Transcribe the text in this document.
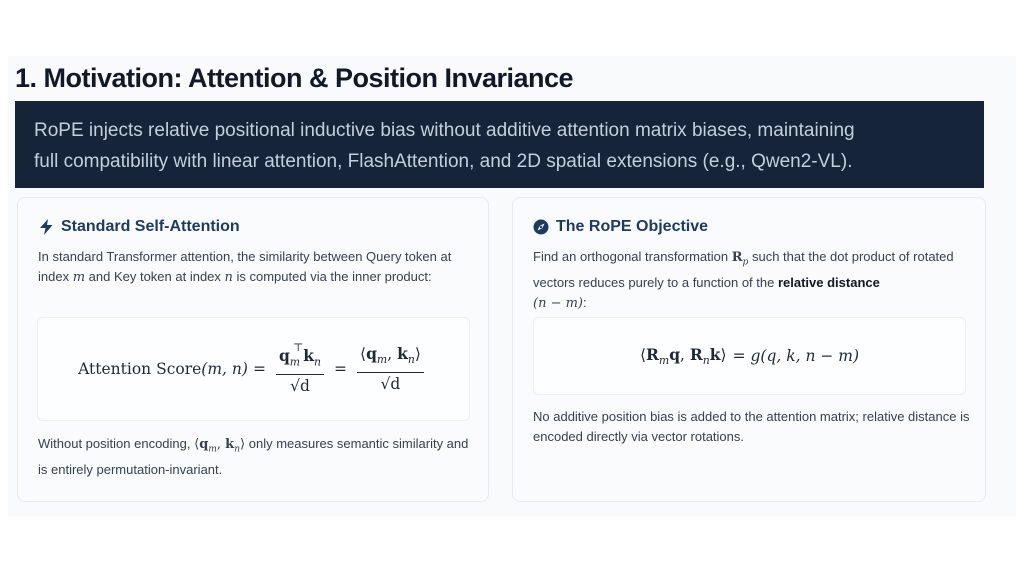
1. Motivation: Attention & Position Invariance
RoPE injects relative positional inductive bias without additive attention matrix biases, maintaining
full compatibility with linear attention, FlashAttention, and 2D spatial extensions (e.g., Qwen2-VL).
Standard Self-Attention

In standard Transformer attention, the similarity between Query token at index m and Key token at index n is computed via the inner product:

Attention Score (m, $n) = \frac{q_m^⊤k_n}{√d} = \frac{⟨q_m, k_n⟩}{√d}$

Without position encoding, $⟨q_m$, $k_n⟩$ only measures semantic similarity and is entirely permutation-invariant.

The RoPE Objective

Find an orthogonal transformation $R_p$ such that the dot product of rotated vectors reduces purely to a function of the relative distance
(n − m):

$⟨R_mq$, $R_nk⟩ = g(q$, k, n − m)

No additive position bias is added to the attention matrix; relative distance is encoded directly via vector rotations.
